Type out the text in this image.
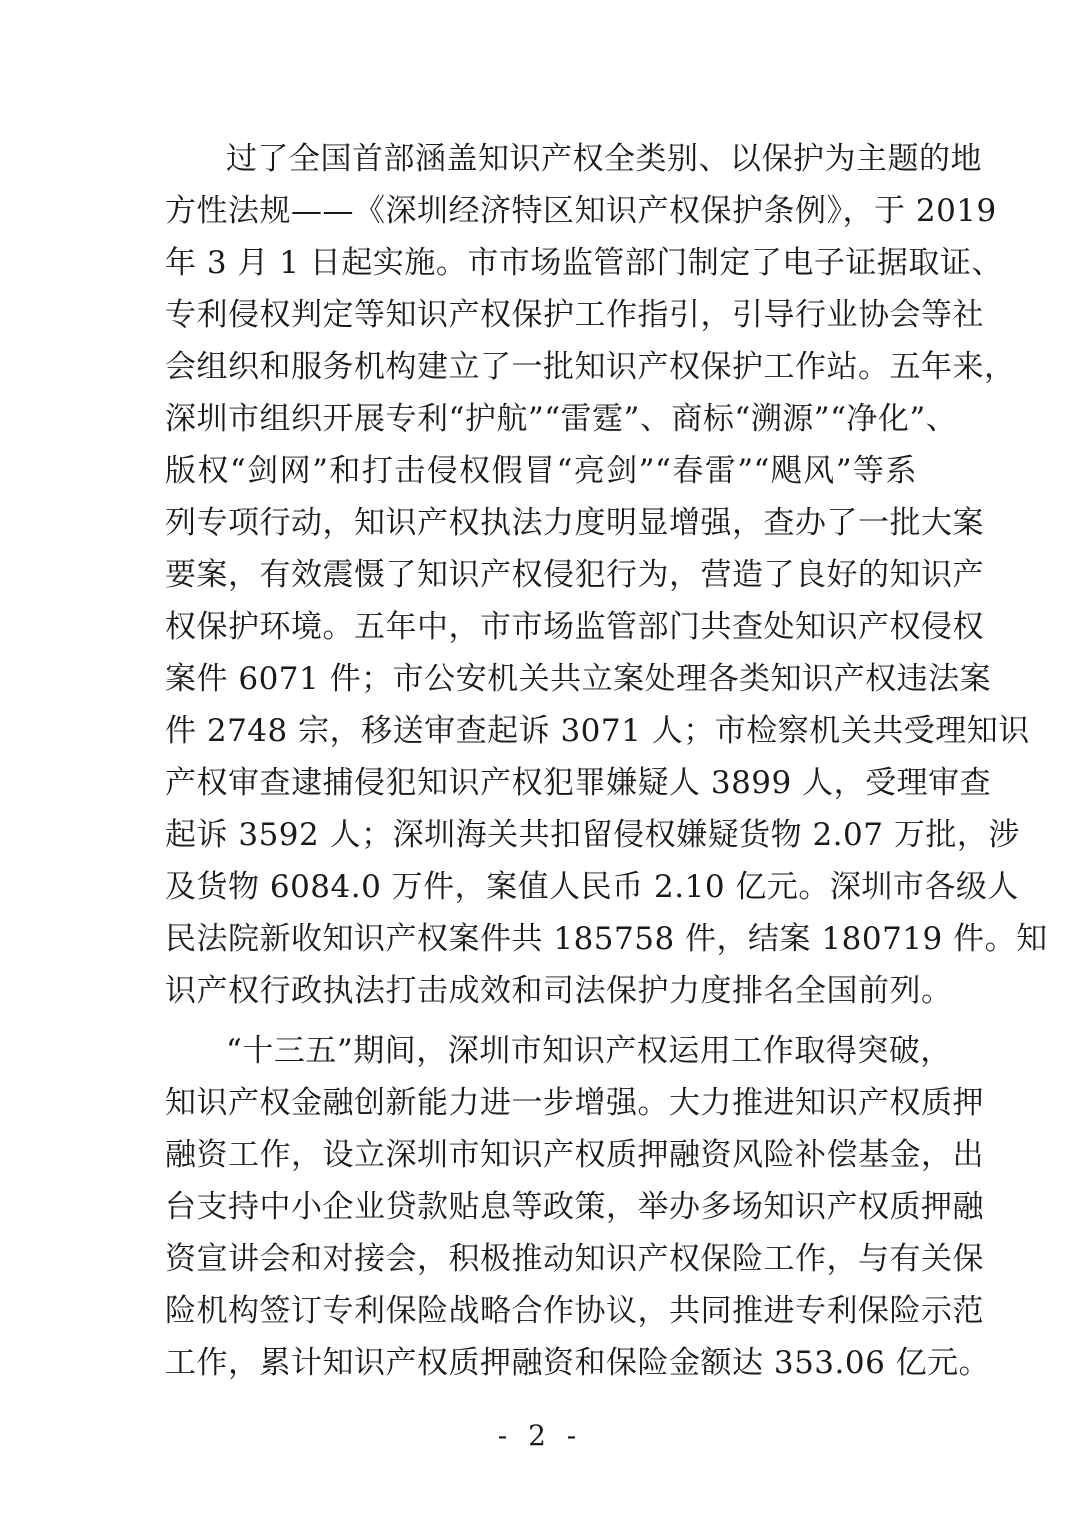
过了全国首部涵盖知识产权全类别、以保护为主题的地
方性法规——《深圳经济特区知识产权保护条例》，于 2019
年 3 月 1 日起实施。市市场监管部门制定了电子证据取证、
专利侵权判定等知识产权保护工作指引，引导行业协会等社
会组织和服务机构建立了一批知识产权保护工作站。五年来，
深圳市组织开展专利“护航”“雷霆”、商标“溯源”“净化”、
版权“剑网”和打击侵权假冒“亮剑”“春雷”“飓风”等系
列专项行动，知识产权执法力度明显增强，查办了一批大案
要案，有效震慑了知识产权侵犯行为，营造了良好的知识产
权保护环境。五年中，市市场监管部门共查处知识产权侵权
案件 6071 件；市公安机关共立案处理各类知识产权违法案
件 2748 宗，移送审查起诉 3071 人；市检察机关共受理知识
产权审查逮捕侵犯知识产权犯罪嫌疑人 3899 人，受理审查
起诉 3592 人；深圳海关共扣留侵权嫌疑货物 2.07 万批，涉
及货物 6084.0 万件，案值人民币 2.10 亿元。深圳市各级人
民法院新收知识产权案件共 185758 件，结案 180719 件。知
识产权行政执法打击成效和司法保护力度排名全国前列。
“十三五”期间，深圳市知识产权运用工作取得突破，
知识产权金融创新能力进一步增强。大力推进知识产权质押
融资工作，设立深圳市知识产权质押融资风险补偿基金，出
台支持中小企业贷款贴息等政策，举办多场知识产权质押融
资宣讲会和对接会，积极推动知识产权保险工作，与有关保
险机构签订专利保险战略合作协议，共同推进专利保险示范
工作，累计知识产权质押融资和保险金额达 353.06 亿元。
- 2 -
